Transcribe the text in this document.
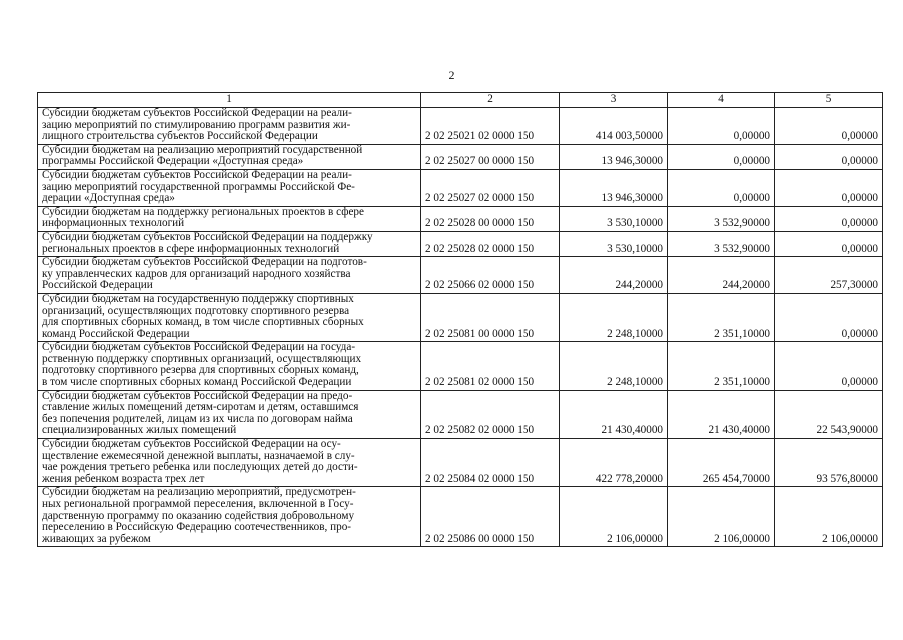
2
1	2	3	4	5

Субсидии бюджетам субъектов Российской Федерации на реали-
зацию мероприятий по стимулированию программ развития жи-
лищного строительства субъектов Российской Федерации	2 02 25021 02 0000 150	414 003,50000	0,00000	0,00000

Субсидии бюджетам на реализацию мероприятий государственной
программы Российской Федерации «Доступная среда»	2 02 25027 00 0000 150	13 946,30000	0,00000	0,00000

Субсидии бюджетам субъектов Российской Федерации на реали-
зацию мероприятий государственной программы Российской Фе-
дерации «Доступная среда»	2 02 25027 02 0000 150	13 946,30000	0,00000	0,00000

Субсидии бюджетам на поддержку региональных проектов в сфере
информационных технологий	2 02 25028 00 0000 150	3 530,10000	3 532,90000	0,00000

Субсидии бюджетам субъектов Российской Федерации на поддержку
региональных проектов в сфере информационных технологий	2 02 25028 02 0000 150	3 530,10000	3 532,90000	0,00000

Субсидии бюджетам субъектов Российской Федерации на подготов-
ку управленческих кадров для организаций народного хозяйства
Российской Федерации	2 02 25066 02 0000 150	244,20000	244,20000	257,30000

Субсидии бюджетам на государственную поддержку спортивных
организаций, осуществляющих подготовку спортивного резерва
для спортивных сборных команд, в том числе спортивных сборных
команд Российской Федерации	2 02 25081 00 0000 150	2 248,10000	2 351,10000	0,00000

Субсидии бюджетам субъектов Российской Федерации на госуда-
рственную поддержку спортивных организаций, осуществляющих
подготовку спортивного резерва для спортивных сборных команд,
в том числе спортивных сборных команд Российской Федерации	2 02 25081 02 0000 150	2 248,10000	2 351,10000	0,00000

Субсидии бюджетам субъектов Российской Федерации на предо-
ставление жилых помещений детям-сиротам и детям, оставшимся
без попечения родителей, лицам из их числа по договорам найма
специализированных жилых помещений	2 02 25082 02 0000 150	21 430,40000	21 430,40000	22 543,90000

Субсидии бюджетам субъектов Российской Федерации на осу-
ществление ежемесячной денежной выплаты, назначаемой в слу-
чае рождения третьего ребенка или последующих детей до дости-
жения ребенком возраста трех лет	2 02 25084 02 0000 150	422 778,20000	265 454,70000	93 576,80000

Субсидии бюджетам на реализацию мероприятий, предусмотрен-
ных региональной программой переселения, включенной в Госу-
дарственную программу по оказанию содействия добровольному
переселению в Российскую Федерацию соотечественников, про-
живающих за рубежом	2 02 25086 00 0000 150	2 106,00000	2 106,00000	2 106,00000
